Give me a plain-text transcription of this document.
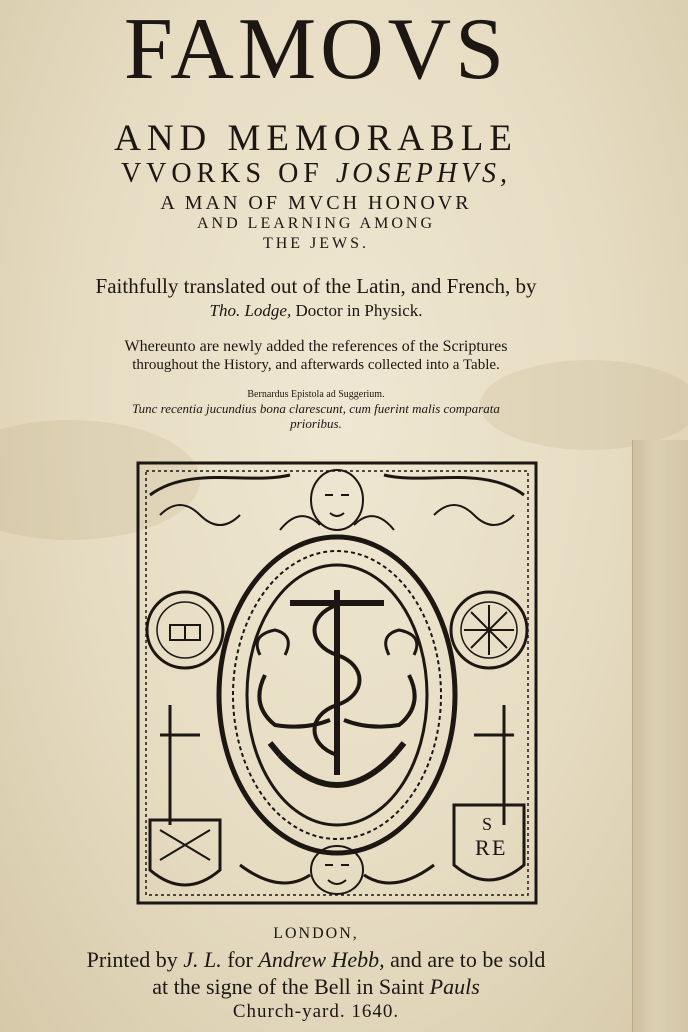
FAMOVS
AND MEMORABLE
VVORKS OF JOSEPHVS,
A MAN OF MVCH HONOVR
AND LEARNING AMONG
THE JEWS.
Faithfully translated out of the Latin, and French, by
Tho. Lodge, Doctor in Physick.
Whereunto are newly added the references of the Scriptures
throughout the History, and afterwards collected into a Table.
Bernardus Epistola ad Suggerium.
Tunc recentia jucundius bona clarescunt, cum fuerint malis comparata
prioribus.
R E
S
LONDON,
Printed by J. L. for Andrew Hebb, and are to be sold
at the signe of the Bell in Saint Pauls
Church-yard. 1640.
